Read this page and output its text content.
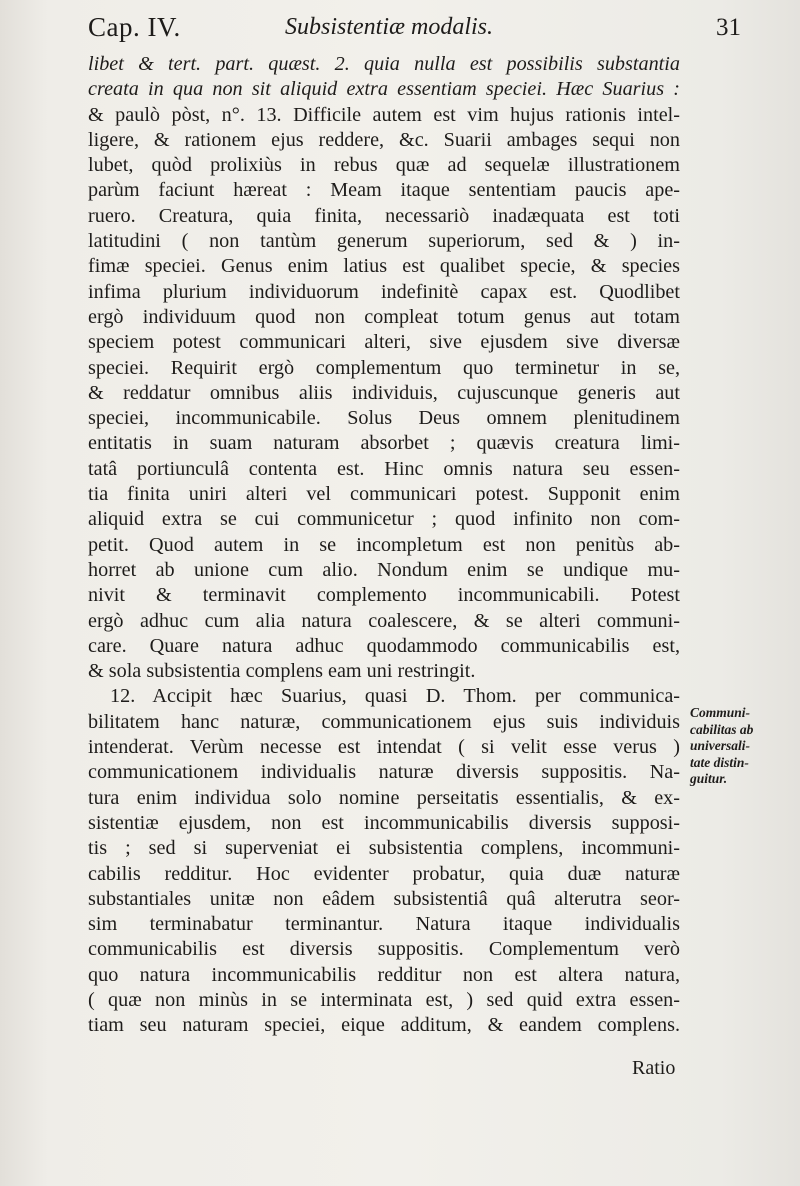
Cap. IV.	Subsistentiæ modalis.	31
libet & tert. part. quæst. 2. quia nulla est possibilis substantia
creata in qua non sit aliquid extra essentiam speciei. Hæc Suarius :
& paulò pòst, n°. 13. Difficile autem est vim hujus rationis intel-
ligere, & rationem ejus reddere, &c. Suarii ambages sequi non
lubet, quòd prolixiùs in rebus quæ ad sequelæ illustrationem
parùm faciunt hæreat : Meam itaque sententiam paucis ape-
ruero. Creatura, quia finita, necessariò inadæquata est toti
latitudini ( non tantùm generum superiorum, sed & ) in-
fimæ speciei. Genus enim latius est qualibet specie, & species
infima plurium individuorum indefinitè capax est. Quodlibet
ergò individuum quod non compleat totum genus aut totam
speciem potest communicari alteri, sive ejusdem sive diversæ
speciei. Requirit ergò complementum quo terminetur in se,
& reddatur omnibus aliis individuis, cujuscunque generis aut
speciei, incommunicabile. Solus Deus omnem plenitudinem
entitatis in suam naturam absorbet ; quævis creatura limi-
tatâ portiunculâ contenta est. Hinc omnis natura seu essen-
tia finita uniri alteri vel communicari potest. Supponit enim
aliquid extra se cui communicetur ; quod infinito non com-
petit. Quod autem in se incompletum est non penitùs ab-
horret ab unione cum alio. Nondum enim se undique mu-
nivit & terminavit complemento incommunicabili. Potest
ergò adhuc cum alia natura coalescere, & se alteri communi-
care. Quare natura adhuc quodammodo communicabilis est,
& sola subsistentia complens eam uni restringit.
12. Accipit hæc Suarius, quasi D. Thom. per communica-
bilitatem hanc naturæ, communicationem ejus suis individuis
intenderat. Verùm necesse est intendat ( si velit esse verus )
communicationem individualis naturæ diversis suppositis. Na-
tura enim individua solo nomine perseitatis essentialis, & ex-
sistentiæ ejusdem, non est incommunicabilis diversis supposi-
tis ; sed si superveniat ei subsistentia complens, incommuni-
cabilis redditur. Hoc evidenter probatur, quia duæ naturæ
substantiales unitæ non eâdem subsistentiâ quâ alterutra seor-
sim terminabatur terminantur. Natura itaque individualis
communicabilis est diversis suppositis. Complementum verò
quo natura incommunicabilis redditur non est altera natura,
( quæ non minùs in se interminata est, ) sed quid extra essen-
tiam seu naturam speciei, eique additum, & eandem complens.
Communi-
cabilitas ab
universali-
tate distin-
guitur.
Ratio
